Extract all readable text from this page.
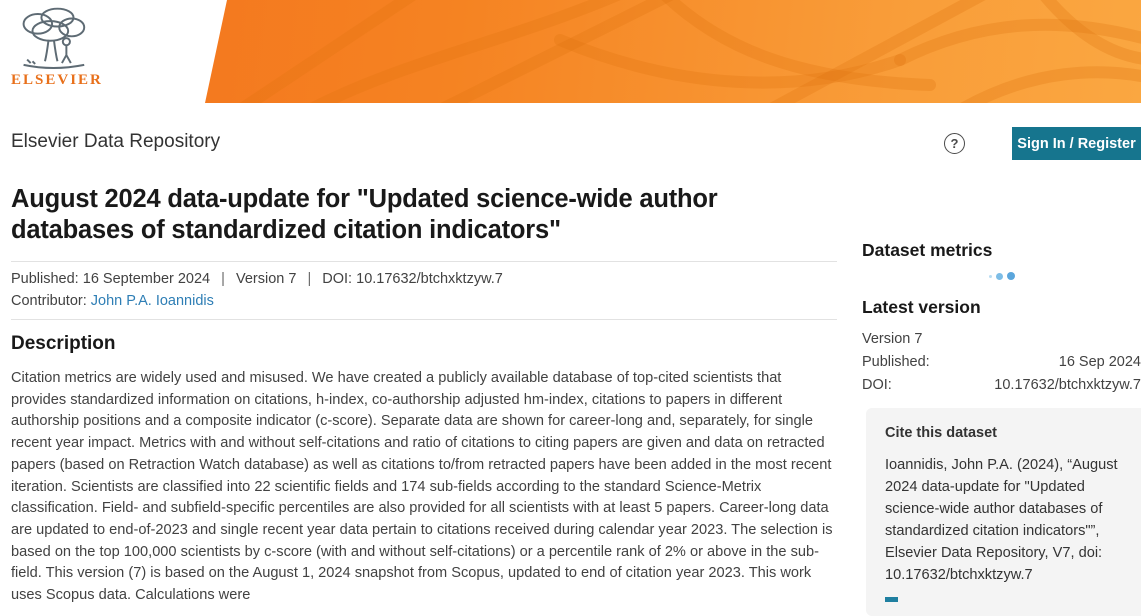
ELSEVIER
Elsevier Data Repository	?	Sign In / Register
August 2024 data-update for "Updated science-wide author databases of standardized citation indicators"
Published: 16 September 2024 | Version 7 | DOI: 10.17632/btchxktzyw.7
Contributor: John P.A. Ioannidis
Description

Citation metrics are widely used and misused. We have created a publicly available database of top-cited scientists that provides standardized information on citations, h-index, co-authorship adjusted hm-index, citations to papers in different authorship positions and a composite indicator (c-score). Separate data are shown for career-long and, separately, for single recent year impact. Metrics with and without self-citations and ratio of citations to citing papers are given and data on retracted papers (based on Retraction Watch database) as well as citations to/from retracted papers have been added in the most recent iteration. Scientists are classified into 22 scientific fields and 174 sub-fields according to the standard Science-Metrix classification. Field- and subfield-specific percentiles are also provided for all scientists with at least 5 papers. Career-long data are updated to end-of-2023 and single recent year data pertain to citations received during calendar year 2023. The selection is based on the top 100,000 scientists by c-score (with and without self-citations) or a percentile rank of 2% or above in the sub-field. This version (7) is based on the August 1, 2024 snapshot from Scopus, updated to end of citation year 2023. This work uses Scopus data. Calculations were

Dataset metrics
Latest version
Version 7
Published:	16 Sep 2024
DOI:	10.17632/btchxktzyw.7
Cite this dataset

Ioannidis, John P.A. (2024), “August 2024 data-update for "Updated science-wide author databases of standardized citation indicators"”, Elsevier Data Repository, V7, doi: 10.17632/btchxktzyw.7
